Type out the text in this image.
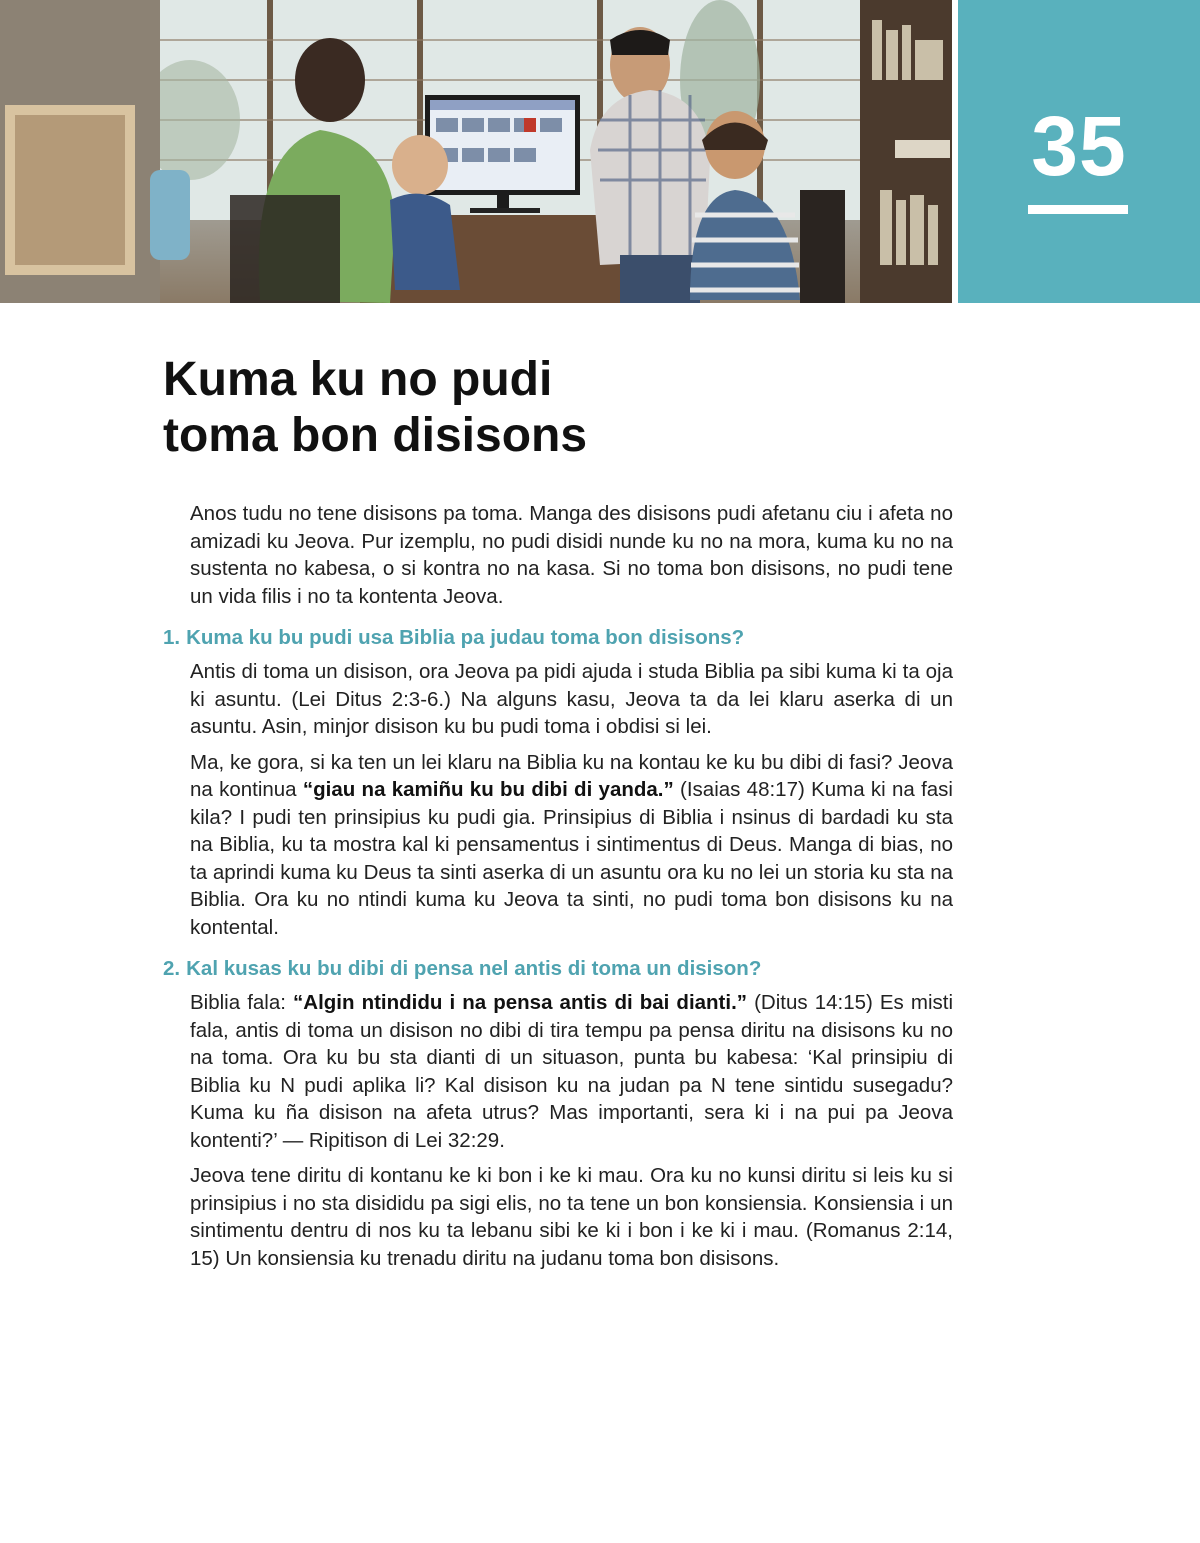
35
Kuma ku no pudi
toma bon disisons

Anos tudu no tene disisons pa toma. Manga des disisons pudi afetanu ciu i afeta no amizadi ku Jeova. Pur izemplu, no pudi disidi nunde ku no na mora, kuma ku no na sustenta no kabesa, o si kontra no na kasa. Si no toma bon disisons, no pudi tene un vida filis i no ta kontenta Jeova.

1. Kuma ku bu pudi usa Biblia pa judau toma bon disisons?

Antis di toma un disison, ora Jeova pa pidi ajuda i studa Biblia pa sibi kuma ki ta oja ki asuntu. (Lei Ditus 2:3-6.) Na alguns kasu, Jeova ta da lei klaru aserka di un asuntu. Asin, minjor disison ku bu pudi toma i obdisi si lei.

Ma, ke gora, si ka ten un lei klaru na Biblia ku na kontau ke ku bu dibi di fasi? Jeova na kontinua “giau na kamiñu ku bu dibi di yanda.” (Isaias 48:17) Kuma ki na fasi kila? I pudi ten prinsipius ku pudi gia. Prinsipius di Biblia i nsinus di bardadi ku sta na Biblia, ku ta mostra kal ki pensamentus i sintimentus di Deus. Manga di bias, no ta aprindi kuma ku Deus ta sinti aserka di un asuntu ora ku no lei un storia ku sta na Biblia. Ora ku no ntindi kuma ku Jeova ta sinti, no pudi toma bon disisons ku na kontental.

2. Kal kusas ku bu dibi di pensa nel antis di toma un disison?

Biblia fala: “Algin ntindidu i na pensa antis di bai dianti.” (Ditus 14:15) Es misti fala, antis di toma un disison no dibi di tira tempu pa pensa diritu na disisons ku no na toma. Ora ku bu sta dianti di un situason, punta bu kabesa: ‘Kal prinsipiu di Biblia ku N pudi aplika li? Kal disison ku na judan pa N tene sintidu susegadu? Kuma ku ña disison na afeta utrus? Mas importanti, sera ki i na pui pa Jeova kontenti?’ — Ripitison di Lei 32:29.

Jeova tene diritu di kontanu ke ki bon i ke ki mau. Ora ku no kunsi diritu si leis ku si prinsipius i no sta disididu pa sigi elis, no ta tene un bon konsiensia. Konsiensia i un sintimentu dentru di nos ku ta lebanu sibi ke ki i bon i ke ki i mau. (Romanus 2:14, 15) Un konsiensia ku trenadu diritu na judanu toma bon disisons.
